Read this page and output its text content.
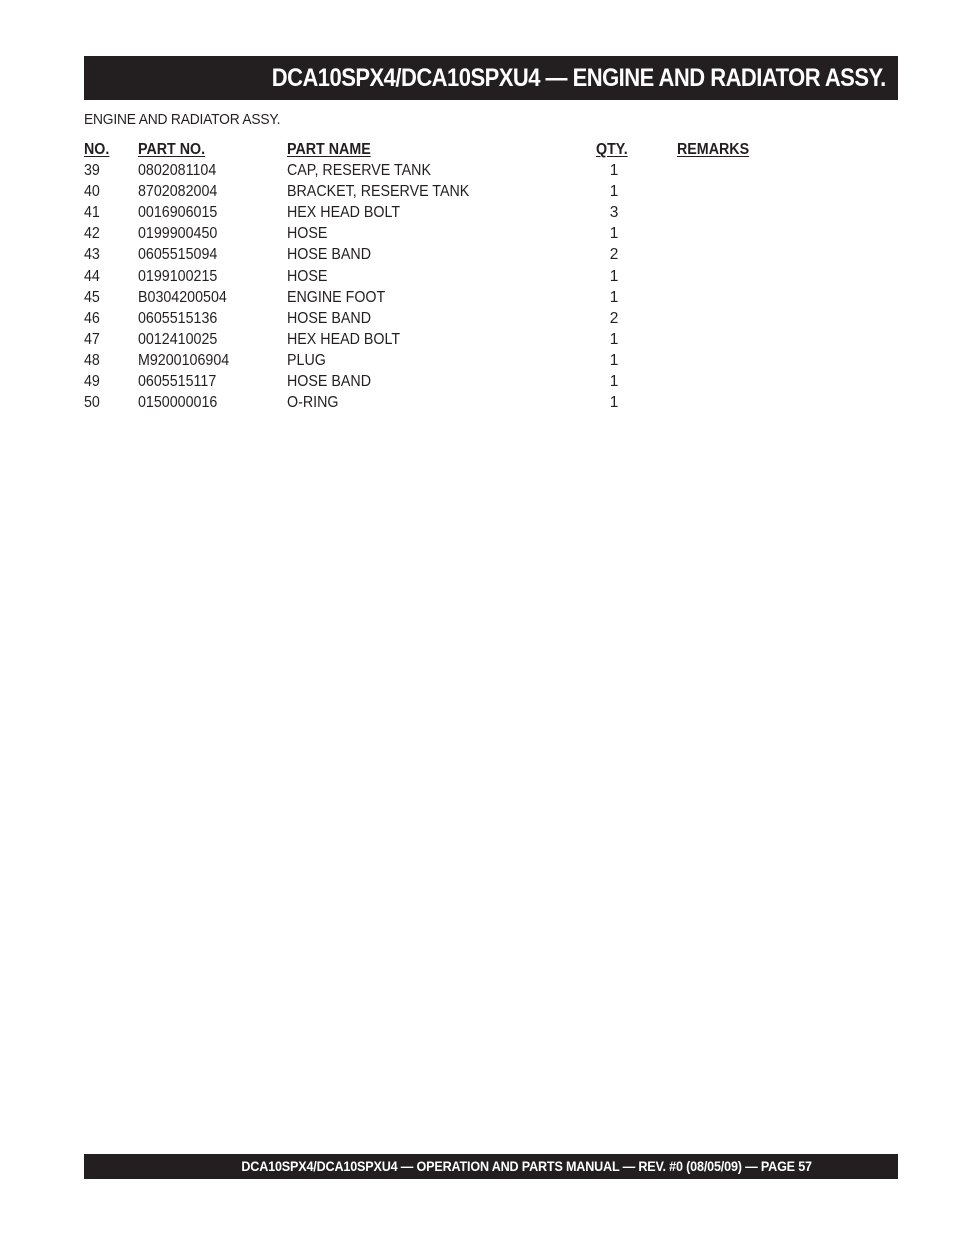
DCA10SPX4/DCA10SPXU4 — ENGINE AND RADIATOR ASSY.
ENGINE AND RADIATOR ASSY.
NO. PART NO.	PART NAME	QTY.	REMARKS
39 0802081104	CAP, RESERVE TANK	1
40 8702082004	BRACKET, RESERVE TANK	1
41 0016906015	HEX HEAD BOLT	3
42 0199900450	HOSE	1
43 0605515094	HOSE BAND	2
44 0199100215	HOSE	1
45 B0304200504	ENGINE FOOT	1
46 0605515136	HOSE BAND	2
47 0012410025	HEX HEAD BOLT	1
48 M9200106904	PLUG	1
49 0605515117	HOSE BAND	1
50 0150000016	O-RING	1
DCA10SPX4/DCA10SPXU4 — OPERATION AND PARTS MANUAL — REV. #0 (08/05/09) — PAGE 57
